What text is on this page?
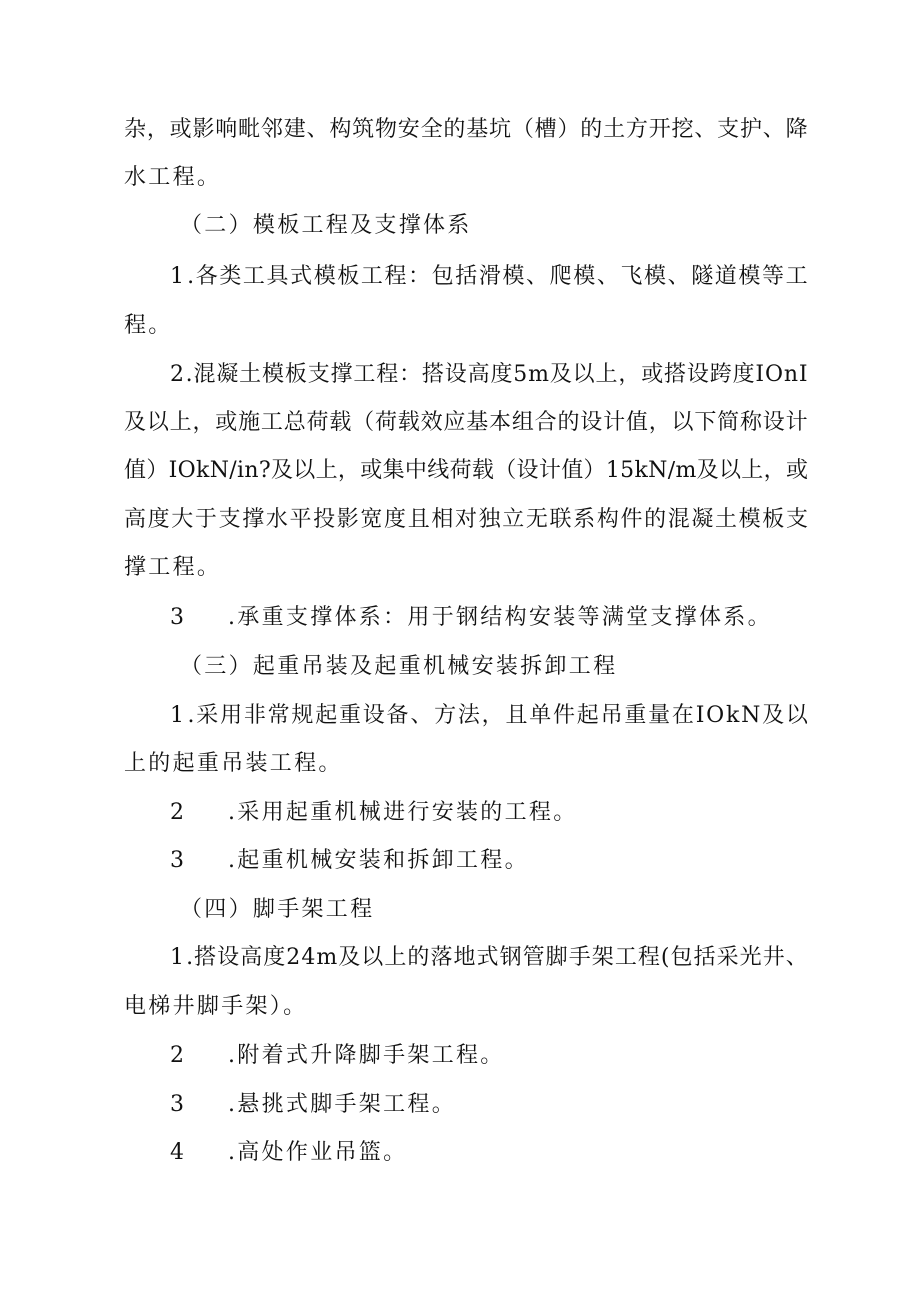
杂 ， 或 影 响 毗 邻 建 、 构 筑 物 安 全 的 基 坑 （ 槽 ） 的 土 方 开 挖 、 支 护 、 降
水工程。
（二）模板工程及支撑体系
1 . 各 类 工 具 式 模 板 工 程 ： 包 括 滑 模 、 爬 模 、 飞 模 、 隧 道 模 等 工
程。
2 . 混 凝 土 模 板 支 撑 工 程 ： 搭 设 高 度 5 m 及 以 上 ， 或 搭 设 跨 度 I O n I
及 以 上 ， 或 施 工 总 荷 载 （ 荷 载 效 应 基 本 组 合 的 设 计 值 ， 以 下 简 称 设 计
值 ） I O k N / i n ? 及 以 上 ， 或 集 中 线 荷 载 （ 设 计 值 ） 1 5 k N ∕ m 及 以 上 ， 或
高 度 大 于 支 撑 水 平 投 影 宽 度 且 相 对 独 立 无 联 系 构 件 的 混 凝 土 模 板 支
撑工程。
3 .承重支撑体系：用于钢结构安装等满堂支撑体系。
（三）起重吊装及起重机械安装拆卸工程
1 . 采 用 非 常 规 起 重 设 备 、 方 法 ， 且 单 件 起 吊 重 量 在 I O k N 及 以
上的起重吊装工程。
2 .采用起重机械进行安装的工程。
3 .起重机械安装和拆卸工程。
（四）脚手架工程
1 . 搭 设 高 度 2 4 m 及 以 上 的 落 地 式 钢 管 脚 手 架 工 程 ( 包 括 采 光 井 、
电梯井脚手架）。
2 .附着式升降脚手架工程。
3 .悬挑式脚手架工程。
4 .高处作业吊篮。
